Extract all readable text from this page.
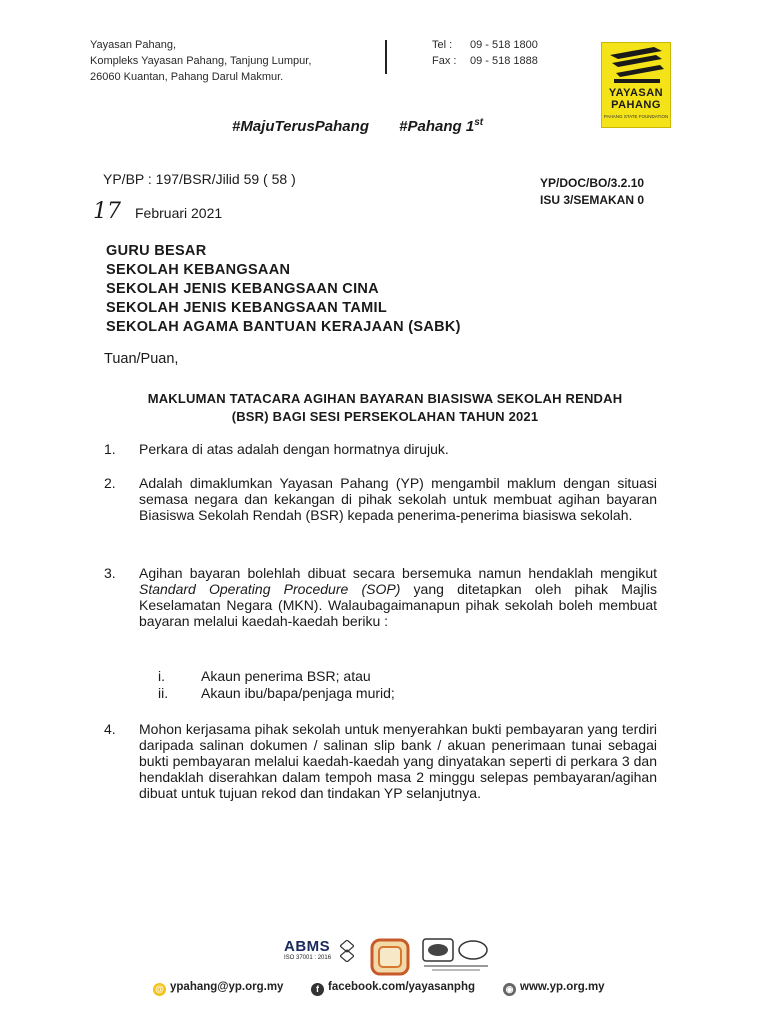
Yayasan Pahang,
Kompleks Yayasan Pahang, Tanjung Lumpur,
26060 Kuantan, Pahang Darul Makmur.
Tel : 09 - 518 1800
Fax : 09 - 518 1888
YAYASAN
PAHANG
PAHANG STATE FOUNDATION
#MajuTerusPahang #Pahang 1st
YP/BP : 197/BSR/Jilid 59 ( 58 )	YP/DOC/BO/3.2.10
ISU 3/SEMAKAN 0
17 Februari 2021
GURU BESAR
SEKOLAH KEBANGSAAN
SEKOLAH JENIS KEBANGSAAN CINA
SEKOLAH JENIS KEBANGSAAN TAMIL
SEKOLAH AGAMA BANTUAN KERAJAAN (SABK)
Tuan/Puan,
MAKLUMAN TATACARA AGIHAN BAYARAN BIASISWA SEKOLAH RENDAH
(BSR) BAGI SESI PERSEKOLAHAN TAHUN 2021
1. Perkara di atas adalah dengan hormatnya dirujuk.
2. Adalah dimaklumkan Yayasan Pahang (YP) mengambil maklum dengan situasi semasa negara dan kekangan di pihak sekolah untuk membuat agihan bayaran Biasiswa Sekolah Rendah (BSR) kepada penerima-penerima biasiswa sekolah.
3. Agihan bayaran bolehlah dibuat secara bersemuka namun hendaklah mengikut Standard Operating Procedure (SOP) yang ditetapkan oleh pihak Majlis Keselamatan Negara (MKN). Walaubagaimanapun pihak sekolah boleh membuat bayaran melalui kaedah-kaedah beriku :
i.	Akaun penerima BSR; atau
ii. Akaun ibu/bapa/penjaga murid;
4. Mohon kerjasama pihak sekolah untuk menyerahkan bukti pembayaran yang terdiri daripada salinan dokumen / salinan slip bank / akuan penerimaan tunai sebagai bukti pembayaran melalui kaedah-kaedah yang dinyatakan seperti di perkara 3 dan hendaklah diserahkan dalam tempoh masa 2 minggu selepas pembayaran/agihan dibuat untuk tujuan rekod dan tindakan YP selanjutnya.
ABMS
ISO 37001 : 2016
@ ypahang@yp.org.my	f facebook.com/yayasanphg	◉ www.yp.org.my
